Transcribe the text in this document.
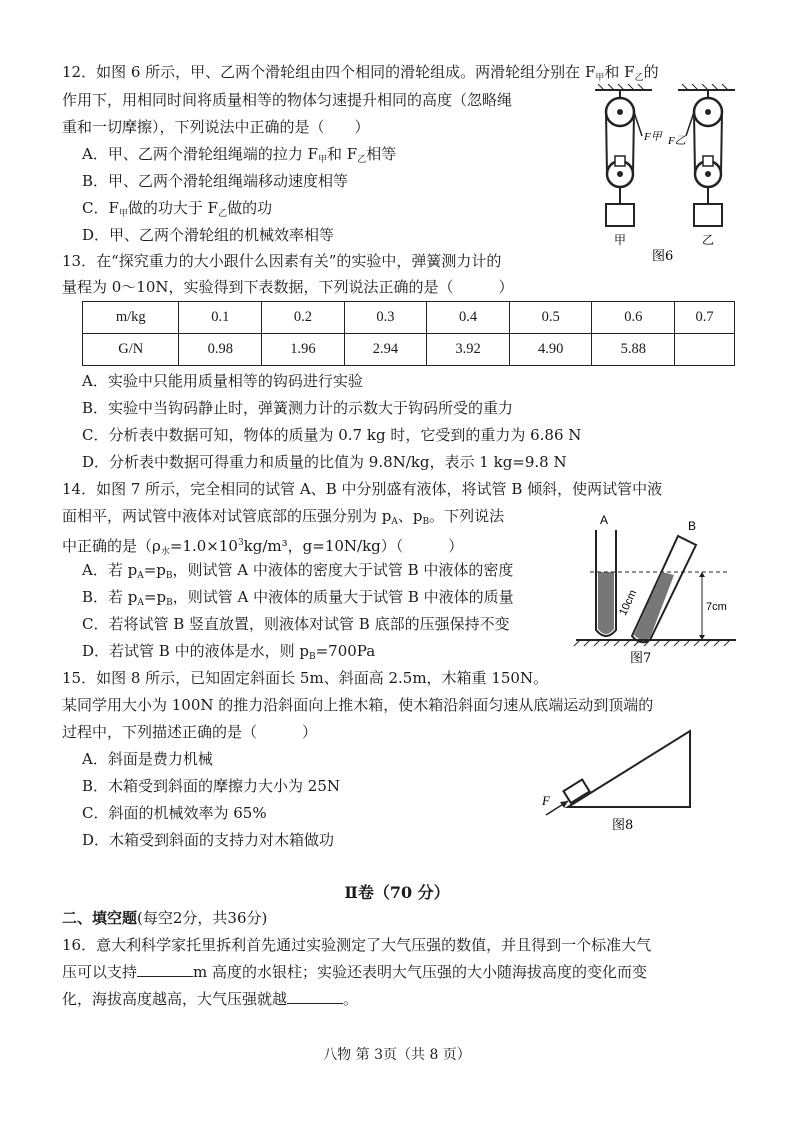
12．如图 6 所示，甲、乙两个滑轮组由四个相同的滑轮组成。两滑轮组分别在 $F_甲$和 $F_乙$的
作用下，用相同时间将质量相等的物体匀速提升相同的高度（忽略绳
重和一切摩擦），下列说法中正确的是（　　）
A．甲、乙两个滑轮组绳端的拉力 $F_甲$和 $F_乙$相等
B．甲、乙两个滑轮组绳端移动速度相等
C．$F_甲$做的功大于 $F_乙$做的功
D．甲、乙两个滑轮组的机械效率相等
F甲 F乙
甲	乙
图6
13．在“探究重力的大小跟什么因素有关”的实验中，弹簧测力计的
量程为 0～10N，实验得到下表数据，下列说法正确的是（　　　）
m/kg	0.1	0.2	0.3	0.4	0.5	0.6	0.7
G/N	0.98	1.96	2.94	3.92	4.90	5.88	
A．实验中只能用质量相等的钩码进行实验
B．实验中当钩码静止时，弹簧测力计的示数大于钩码所受的重力
C．分析表中数据可知，物体的质量为 0.7 kg 时，它受到的重力为 6.86 N
D．分析表中数据可得重力和质量的比值为 9.8N/kg，表示 1 kg=9.8 N
14．如图 7 所示，完全相同的试管 A、B 中分别盛有液体，将试管 B 倾斜，使两试管中液
面相平，两试管中液体对试管底部的压强分别为 $p_A$、$p_B$。下列说法
中正确的是（$\rho_水=1.0\times 10^3kg/m^3$，g=10N/kg）（　　　）
A．若 $p_A=p_B$，则试管 A 中液体的密度大于试管 B 中液体的密度
B．若 $p_A=p_B$，则试管 A 中液体的质量大于试管 B 中液体的质量
C．若将试管 B 竖直放置，则液体对试管 B 底部的压强保持不变
D．若试管 B 中的液体是水，则 $p_B=700Pa$
A	B
10cm	7cm
图7
15．如图 8 所示，已知固定斜面长 5m、斜面高 2.5m，木箱重 150N。
某同学用大小为 100N 的推力沿斜面向上推木箱，使木箱沿斜面匀速从底端运动到顶端的
过程中，下列描述正确的是（　　　）
A．斜面是费力机械
B．木箱受到斜面的摩擦力大小为 25N
C．斜面的机械效率为 65%
D．木箱受到斜面的支持力对木箱做功
F
图8
Ⅱ卷（70 分）
二、填空题(每空2分，共36分)
16．意大利科学家托里拆利首先通过实验测定了大气压强的数值，并且得到一个标准大气
压可以支持	m 高度的水银柱；实验还表明大气压强的大小随海拔高度的变化而变
化，海拔高度越高，大气压强就越	。
八物 第 3页（共 8 页）
